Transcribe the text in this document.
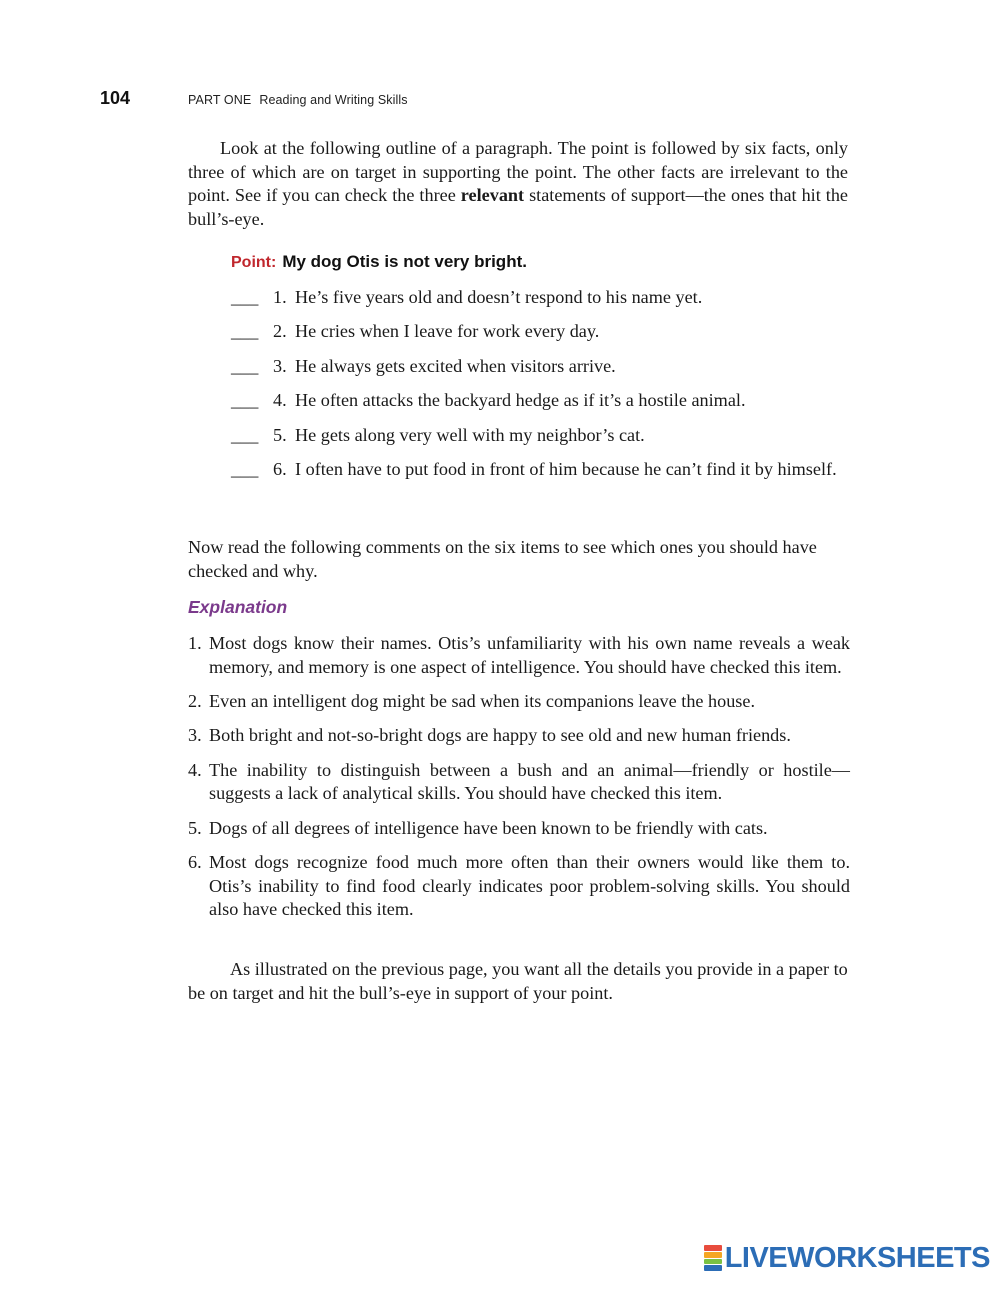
104	PART ONE Reading and Writing Skills

Look at the following outline of a paragraph. The point is followed by six facts, only three of which are on target in supporting the point. The other facts are irrelevant to the point. See if you can check the three relevant statements of support—the ones that hit the bull’s-eye.

Point: My dog Otis is not very bright.
___ 1. He’s five years old and doesn’t respond to his name yet.
___ 2. He cries when I leave for work every day.
___ 3. He always gets excited when visitors arrive.
___ 4. He often attacks the backyard hedge as if it’s a hostile animal.
___ 5. He gets along very well with my neighbor’s cat.
___ 6. I often have to put food in front of him because he can’t find it by himself.

Now read the following comments on the six items to see which ones you should have checked and why.

Explanation
1. Most dogs know their names. Otis’s unfamiliarity with his own name reveals a weak memory, and memory is one aspect of intelligence. You should have checked this item.
2. Even an intelligent dog might be sad when its companions leave the house.
3. Both bright and not-so-bright dogs are happy to see old and new human friends.
4. The inability to distinguish between a bush and an animal—friendly or hostile— suggests a lack of analytical skills. You should have checked this item.
5. Dogs of all degrees of intelligence have been known to be friendly with cats.
6. Most dogs recognize food much more often than their owners would like them to. Otis’s inability to find food clearly indicates poor problem-solving skills. You should also have checked this item.

As illustrated on the previous page, you want all the details you provide in a paper to be on target and hit the bull’s-eye in support of your point.

LIVEWORKSHEETS
